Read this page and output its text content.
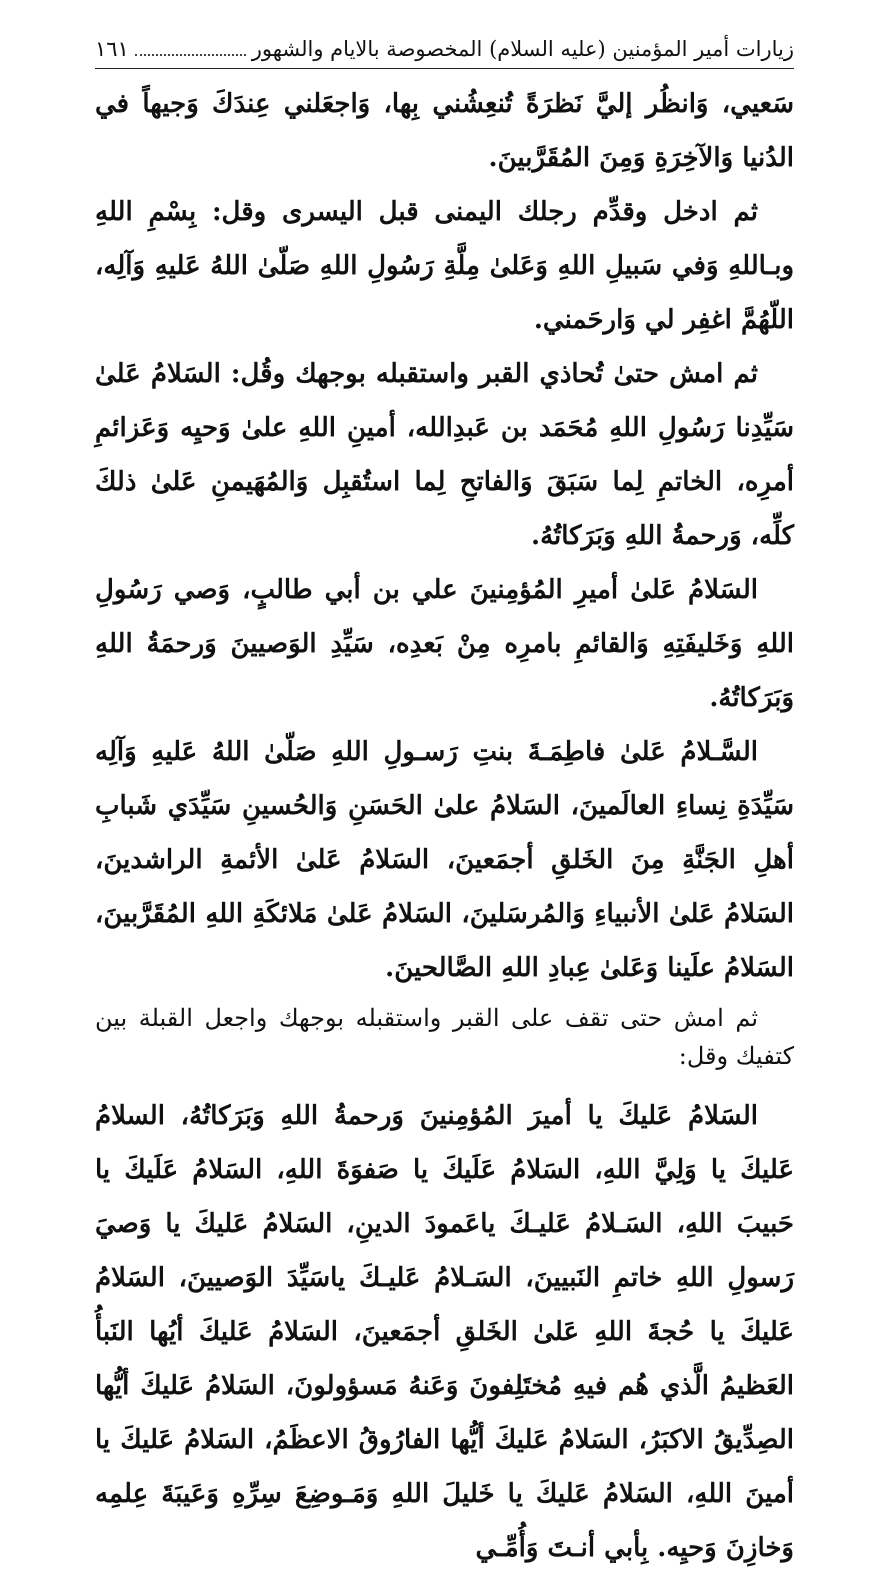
زيارات أمير المؤمنين (عليه السلام) المخصوصة بالايام والشهور
١٦١

سَعيي، وَانظُر إليَّ نَظرَةً تُنعِشُني بِها، وَاجعَلني عِندَكَ وَجيهاً في الدُنيا وَالآخِرَةِ وَمِنَ المُقَرَّبينَ.

ثم ادخل وقدِّم رجلك اليمنى قبل اليسرى وقل: بِسْمِ اللهِ وبـاللهِ وَفي سَبيلِ اللهِ وَعَلىٰ مِلَّةِ رَسُولِ اللهِ صَلّىٰ اللهُ عَليهِ وَآلِه، اللّهُمَّ اغفِر لي وَارحَمني.

ثم امش حتىٰ تُحاذي القبر واستقبله بوجهك وقُل: السَلامُ عَلىٰ سَيِّدِنا رَسُولِ اللهِ مُحَمَد بن عَبدِالله، أمينِ اللهِ علىٰ وَحيِه وَعَزائمِ أمرِه، الخاتمِ لِما سَبَقَ وَالفاتحِ لِما استُقبِل وَالمُهَيمنِ عَلىٰ ذلكَ كلِّه، وَرحمةُ اللهِ وَبَرَكاتُهُ.

السَلامُ عَلىٰ أميرِ المُؤمِنينَ علي بن أبي طالبٍ، وَصي رَسُولِ اللهِ وَخَليفَتِهِ وَالقائمِ بامرِه مِنْ بَعدِه، سَيِّدِ الوَصيينَ وَرحمَةُ اللهِ وَبَرَكاتُهُ.

السَّـلامُ عَلىٰ فاطِمَـةَ بنتِ رَسـولِ اللهِ صَلّىٰ اللهُ عَليهِ وَآلِه سَيِّدَةِ نِساءِ العالَمينَ، السَلامُ علىٰ الحَسَنِ وَالحُسينِ سَيِّدَي شَبابِ أهلِ الجَنَّةِ مِنَ الخَلقِ أجمَعينَ، السَلامُ عَلىٰ الأئمةِ الراشدينَ، السَلامُ عَلىٰ الأنبياءِ وَالمُرسَلينَ، السَلامُ عَلىٰ مَلائكَةِ اللهِ المُقَرَّبينَ، السَلامُ علَينا وَعَلىٰ عِبادِ اللهِ الصَّالحينَ.

ثم امش حتى تقف على القبر واستقبله بوجهك واجعل القبلة بين كتفيك وقل:

السَلامُ عَليكَ يا أميرَ المُؤمِنينَ وَرحمةُ اللهِ وَبَرَكاتُهُ، السلامُ عَليكَ يا وَلِيَّ اللهِ، السَلامُ عَلَيكَ يا صَفوَةَ اللهِ، السَلامُ عَلَيكَ يا حَبيبَ اللهِ، السَـلامُ عَليـكَ ياعَمودَ الدينِ، السَلامُ عَليكَ يا وَصيَ رَسولِ اللهِ خاتمِ النَبيينَ، السَـلامُ عَليـكَ ياسَيِّدَ الوَصيينَ، السَلامُ عَليكَ يا حُجةَ اللهِ عَلىٰ الخَلقِ أجمَعينَ، السَلامُ عَليكَ أيُها النَبأُ العَظيمُ الَّذي هُم فيهِ مُختَلِفونَ وَعَنهُ مَسؤولونَ، السَلامُ عَليكَ أيُّها الصِدِّيقُ الاكبَرُ، السَلامُ عَليكَ أيُّها الفارُوقُ الاعظَمُ، السَلامُ عَليكَ يا أمينَ اللهِ، السَلامُ عَليكَ يا خَليلَ اللهِ وَمَـوضِعَ سِرِّهِ وَعَيبَةَ عِلمِه وَخازِنَ وَحيِه. بِأبي أنـتَ وَأُمِّـي
